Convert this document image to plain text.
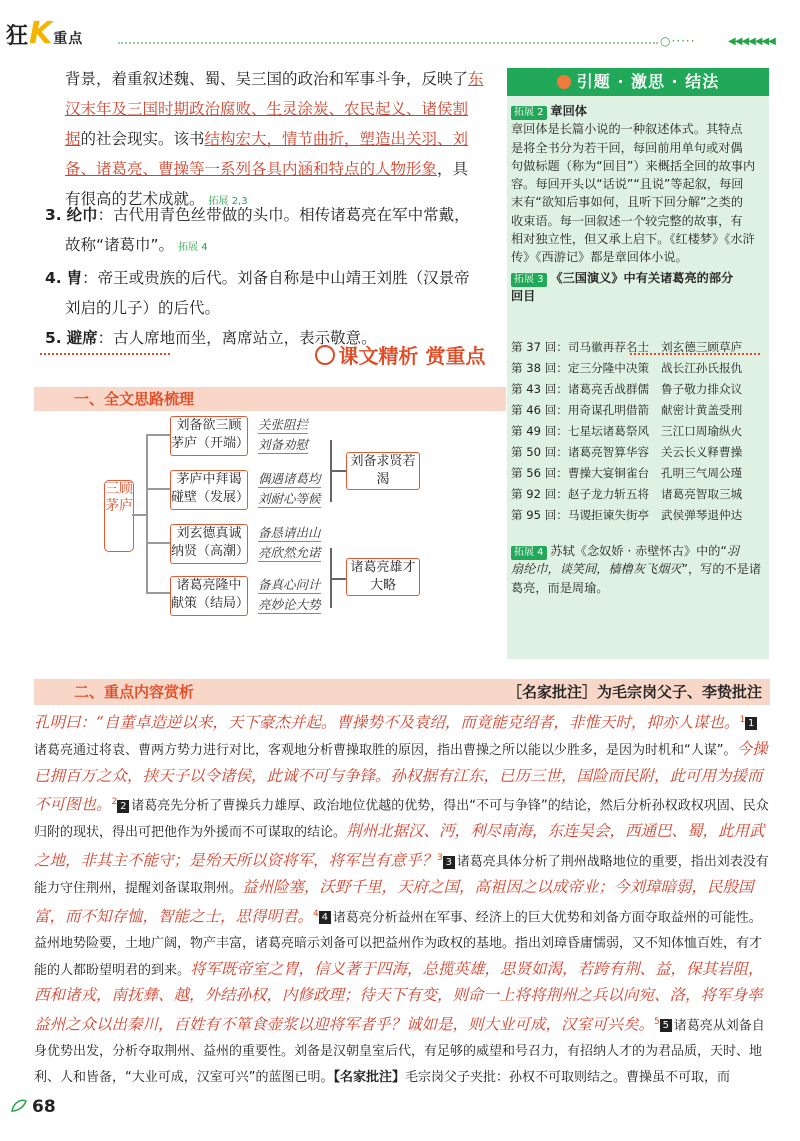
狂K重点	○·····	◀◀◀◀◀◀◀
背景，着重叙述魏、蜀、吴三国的政治和军事斗争，反映了东
汉末年及三国时期政治腐败、生灵涂炭、农民起义、诸侯割
据的社会现实。该书结构宏大，情节曲折，塑造出关羽、刘
备、诸葛亮、曹操等一系列各具内涵和特点的人物形象，具
有很高的艺术成就。 拓展 2,3
3. 纶巾：古代用青色丝带做的头巾。相传诸葛亮在军中常戴，
故称“诸葛巾”。 拓展 4
4. 胄：帝王或贵族的后代。刘备自称是中山靖王刘胜（汉景帝
刘启的儿子）的后代。
5. 避席：古人席地而坐，离席站立，表示敬意。
引题 · 激思 · 结法
拓展 2 章回体
章回体是长篇小说的一种叙述体式。其特点
是将全书分为若干回，每回前用单句或对偶
句做标题（称为“回目”）来概括全回的故事内
容。每回开头以“话说”“且说”等起叙，每回
末有“欲知后事如何，且听下回分解”之类的
收束语。每一回叙述一个较完整的故事，有
相对独立性，但又承上启下。《红楼梦》《水浒
传》《西游记》都是章回体小说。
拓展 3 《三国演义》中有关诸葛亮的部分
回目
第 37 回：司马徽再荐名士 刘玄德三顾草庐
第 38 回：定三分隆中决策 战长江孙氏报仇
第 43 回：诸葛亮舌战群儒 鲁子敬力排众议
第 46 回：用奇谋孔明借箭 献密计黄盖受刑
第 49 回：七星坛诸葛祭风 三江口周瑜纵火
第 50 回：诸葛亮智算华容 关云长义释曹操
第 56 回：曹操大宴铜雀台 孔明三气周公瑾
第 92 回：赵子龙力斩五将 诸葛亮智取三城
第 95 回：马谡拒谏失街亭 武侯弹琴退仲达
拓展 4 苏轼《念奴娇 · 赤壁怀古》中的“羽
扇纶巾，谈笑间，樯橹灰飞烟灭”，写的不是诸
葛亮，而是周瑜。
课文精析 赏重点
一、全文思路梳理
三顾茅庐
刘备欲三顾茅庐（开端）
茅庐中拜谒碰壁（发展）
刘玄德真诚纳贤（高潮）
诸葛亮隆中献策（结局）
关张阻拦
刘备劝慰
偶遇诸葛均
刘耐心等候
备恳请出山
亮欣然允诺
备真心问计
亮妙论大势
刘备求贤若渴
诸葛亮雄才大略
二、重点内容赏析	［名家批注］为毛宗岗父子、李贽批注
孔明曰：“自董卓造逆以来，天下豪杰并起。曹操势不及袁绍，而竟能克绍者，非惟天时，抑亦人谋也。$^1$ 1诸葛亮通过将袁、曹两方势力进行对比，客观地分析曹操取胜的原因，指出曹操之所以能以少胜多，是因为时机和“人谋”。今操已拥百万之众，挟天子以令诸侯，此诚不可与争锋。孙权据有江东，已历三世，国险而民附，此可用为援而不可图也。$^2$ 2 诸葛亮先分析了曹操兵力雄厚、政治地位优越的优势，得出“不可与争锋”的结论，然后分析孙权政权巩固、民众归附的现状，得出可把他作为外援而不可谋取的结论。荆州北据汉、沔，利尽南海，东连吴会，西通巴、蜀，此用武之地，非其主不能守；是殆天所以资将军，将军岂有意乎？$^3$ 3 诸葛亮具体分析了荆州战略地位的重要，指出刘表没有能力守住荆州，提醒刘备谋取荆州。益州险塞，沃野千里，天府之国，高祖因之以成帝业；今刘璋暗弱，民殷国富，而不知存恤，智能之士，思得明君。$^4$ 4 诸葛亮分析益州在军事、经济上的巨大优势和刘备方面夺取益州的可能性。益州地势险要，土地广阔，物产丰富，诸葛亮暗示刘备可以把益州作为政权的基地。指出刘璋昏庸懦弱，又不知体恤百姓，有才能的人都盼望明君的到来。将军既帝室之胄，信义著于四海，总揽英雄，思贤如渴，若跨有荆、益，保其岩阻，西和诸戎，南抚彝、越，外结孙权，内修政理；待天下有变，则命一上将将荆州之兵以向宛、洛，将军身率益州之众以出秦川，百姓有不箪食壶浆以迎将军者乎？诚如是，则大业可成，汉室可兴矣。$^5$ 5 诸葛亮从刘备自身优势出发，分析夺取荆州、益州的重要性。刘备是汉朝皇室后代，有足够的威望和号召力，有招纳人才的为君品质，天时、地利、人和皆备，“大业可成，汉室可兴”的蓝图已明。【名家批注】毛宗岗父子夹批：孙权不可取则结之。曹操虽不可取，而
68
